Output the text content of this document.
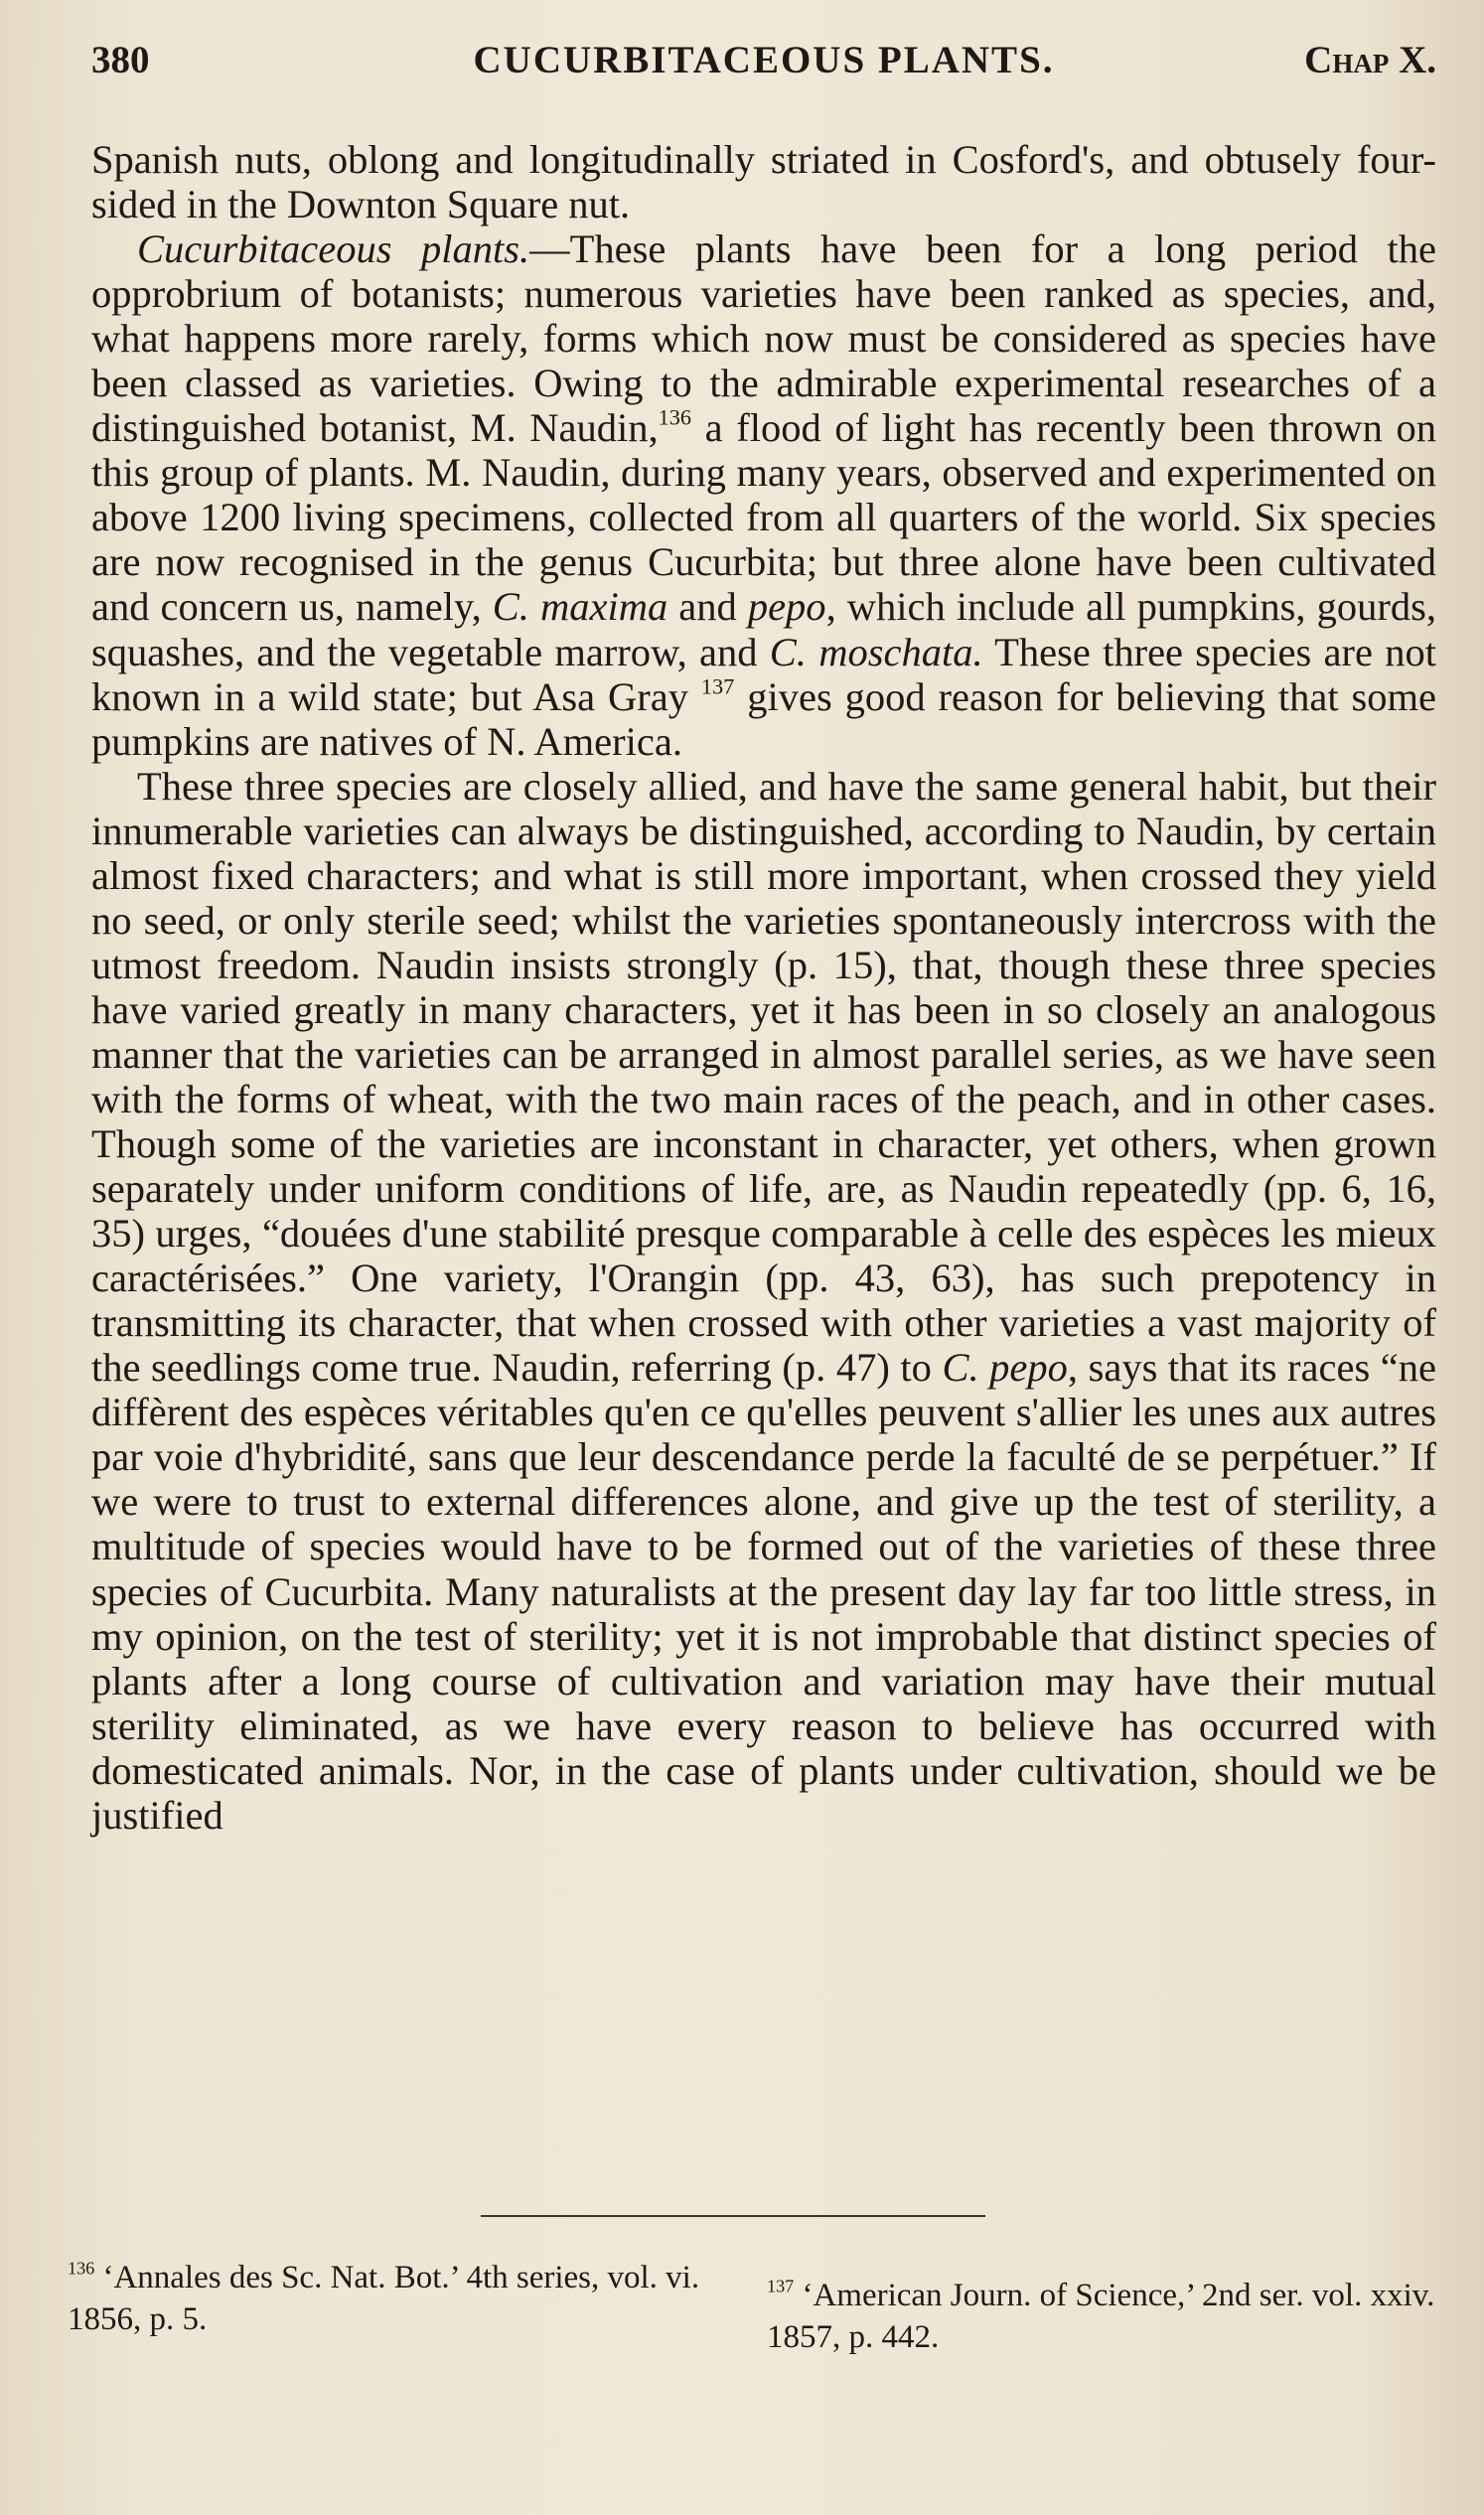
380	CUCURBITACEOUS PLANTS.	Chap X.

Spanish nuts, oblong and longitudinally striated in Cosford's, and obtusely four-sided in the Downton Square nut.

Cucurbitaceous plants.—These plants have been for a long period the opprobrium of botanists; numerous varieties have been ranked as species, and, what happens more rarely, forms which now must be considered as species have been classed as varieties. Owing to the admirable experimental researches of a distinguished botanist, M. Naudin,$^{136}$ a flood of light has recently been thrown on this group of plants. M. Naudin, during many years, observed and experimented on above 1200 living specimens, collected from all quarters of the world. Six species are now recognised in the genus Cucurbita; but three alone have been cultivated and concern us, namely, C. maxima and pepo, which include all pumpkins, gourds, squashes, and the vegetable marrow, and C. moschata. These three species are not known in a wild state; but Asa Gray $^{137}$ gives good reason for believing that some pumpkins are natives of N. America.

These three species are closely allied, and have the same general habit, but their innumerable varieties can always be distinguished, according to Naudin, by certain almost fixed characters; and what is still more important, when crossed they yield no seed, or only sterile seed; whilst the varieties spontaneously intercross with the utmost freedom. Naudin insists strongly (p. 15), that, though these three species have varied greatly in many characters, yet it has been in so closely an analogous manner that the varieties can be arranged in almost parallel series, as we have seen with the forms of wheat, with the two main races of the peach, and in other cases. Though some of the varieties are inconstant in character, yet others, when grown separately under uniform conditions of life, are, as Naudin repeatedly (pp. 6, 16, 35) urges, “douées d'une stabilité presque comparable à celle des espèces les mieux caractérisées.” One variety, l'Orangin (pp. 43, 63), has such prepotency in transmitting its character, that when crossed with other varieties a vast majority of the seedlings come true. Naudin, referring (p. 47) to C. pepo, says that its races “ne diffèrent des espèces véritables qu'en ce qu'elles peuvent s'allier les unes aux autres par voie d'hybridité, sans que leur descendance perde la faculté de se perpétuer.” If we were to trust to external differences alone, and give up the test of sterility, a multitude of species would have to be formed out of the varieties of these three species of Cucurbita. Many naturalists at the present day lay far too little stress, in my opinion, on the test of sterility; yet it is not improbable that distinct species of plants after a long course of cultivation and variation may have their mutual sterility eliminated, as we have every reason to believe has occurred with domesticated animals. Nor, in the case of plants under cultivation, should we be justified

$^{136}$ ‘Annales des Sc. Nat. Bot.’ 4th series, vol. vi. 1856, p. 5.
$^{137}$ ‘American Journ. of Science,’ 2nd ser. vol. xxiv. 1857, p. 442.
